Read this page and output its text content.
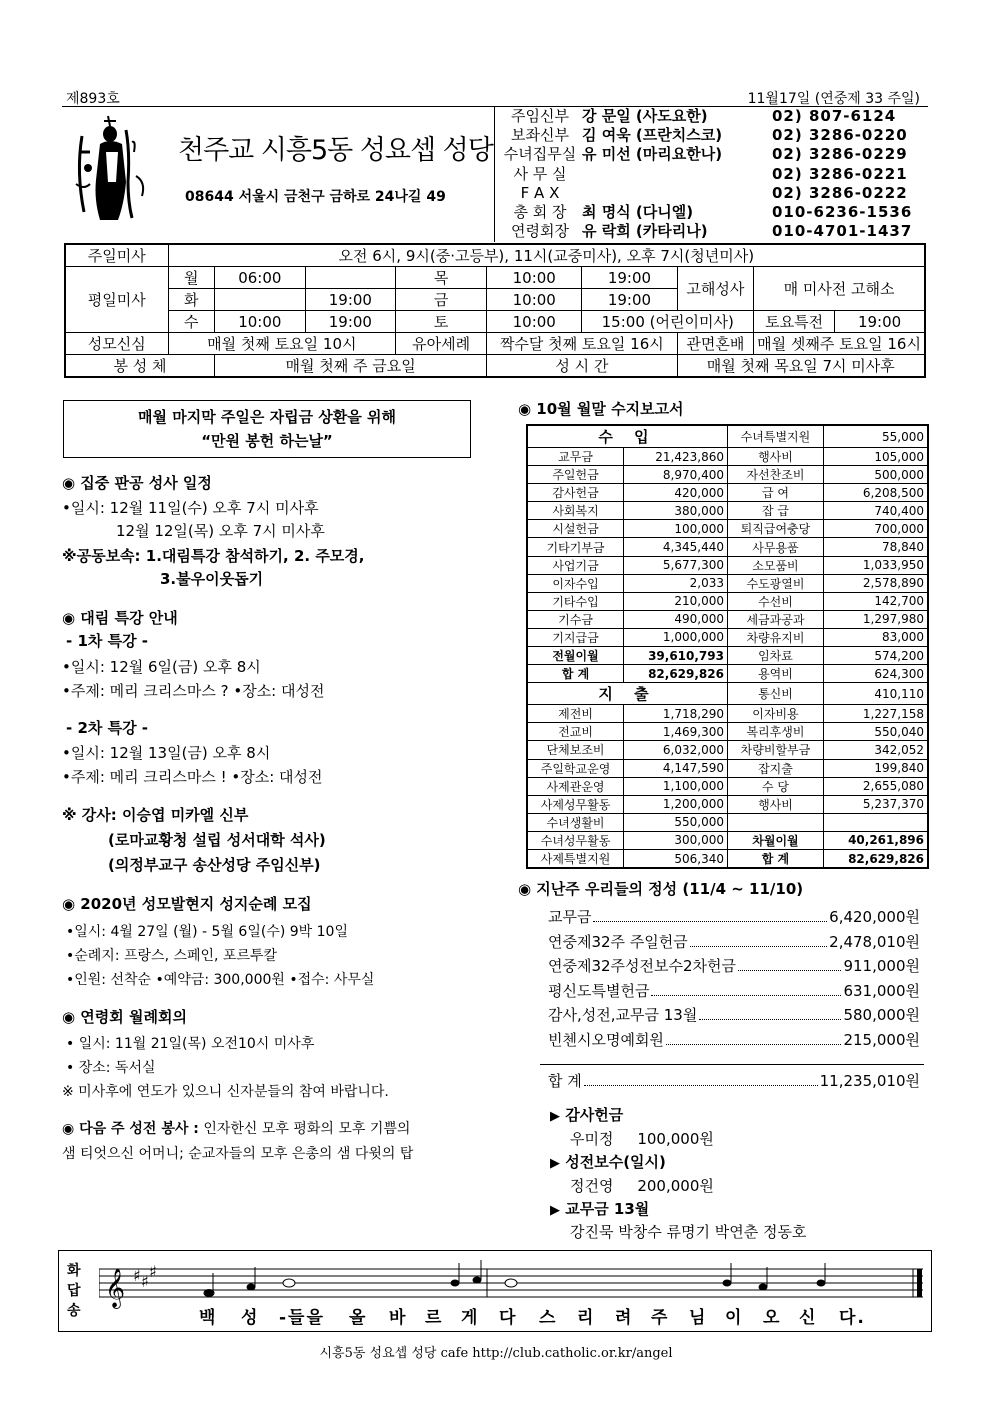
제893호	11월17일 (연중제 33 주일)
천주교 시흥5동 성요셉 성당
08644 서울시 금천구 금하로 24나길 49
주임신부 강 문일 (사도요한)	02) 807-6124
보좌신부 김 여욱 (프란치스코)	02) 3286-0220
수녀집무실 유 미선 (마리요한나)	02) 3286-0229
사 무 실	02) 3286-0221
F A X	02) 3286-0222
총 회 장	최 명식 (다니엘)	010-6236-1536
연령회장 유 락희 (카타리나)	010-4701-1437
주일미사	오전 6시, 9시(중·고등부), 11시(교중미사), 오후 7시(청년미사)								
평일미사	월	06:00		목	10:00	19:00	고해성사	매 미사전 고해소	
	화		19:00	금	10:00	19:00			
	수	10:00	19:00	토	10:00	15:00 (어린이미사)		토요특전	19:00
성모신심	매월 첫째 토요일 10시			유아세례	짝수달 첫째 토요일 16시		관면혼배	매월 셋째주 토요일 16시	
봉 성 체		매월 첫째 주 금요일			성 시 간		매월 첫째 목요일 7시 미사후		
매월 마지막 주일은 자립금 상환을 위해
“만원 봉헌 하는날”
◉ 집중 판공 성사 일정
•일시: 12월 11일(수) 오후 7시 미사후
12월 12일(목) 오후 7시 미사후
※공동보속: 1.대림특강 참석하기, 2. 주모경,
3.불우이웃돕기
◉ 대림 특강 안내
- 1차 특강 -
•일시: 12월 6일(금) 오후 8시
•주제: 메리 크리스마스 ? •장소: 대성전
- 2차 특강 -
•일시: 12월 13일(금) 오후 8시
•주제: 메리 크리스마스 ! •장소: 대성전
※ 강사: 이승엽 미카엘 신부
(로마교황청 설립 성서대학 석사)
(의정부교구 송산성당 주임신부)
◉ 2020년 성모발현지 성지순례 모집
•일시: 4월 27일 (월) - 5월 6일(수) 9박 10일
•순례지: 프랑스, 스페인, 포르투칼
•인원: 선착순 •예약금: 300,000원 •접수: 사무실
◉ 연령회 월례회의
• 일시: 11월 21일(목) 오전10시 미사후
• 장소: 독서실
※ 미사후에 연도가 있으니 신자분들의 참여 바랍니다.
◉ 다음 주 성전 봉사 : 인자한신 모후 평화의 모후 기쁨의
샘 티엇으신 어머니; 순교자들의 모후 은총의 샘 다윗의 탑
◉ 10월 월말 수지보고서
수 입		수녀특별지원	55,000
교무금	21,423,860	행사비	105,000
주일헌금	8,970,400	자선찬조비	500,000
감사헌금	420,000	급 여	6,208,500
사회복지	380,000	잡 급	740,400
시설헌금	100,000	퇴직급여충당	700,000
기타기부금	4,345,440	사무용품	78,840
사업기금	5,677,300	소모품비	1,033,950
이자수입	2,033	수도광열비	2,578,890
기타수입	210,000	수선비	142,700
기수금	490,000	세금과공과	1,297,980
기지급금	1,000,000	차량유지비	83,000
전월이월	39,610,793	임차료	574,200
합 계	82,629,826	용역비	624,300
지 출		통신비	410,110
제전비	1,718,290	이자비용	1,227,158
전교비	1,469,300	복리후생비	550,040
단체보조비	6,032,000	차량비할부금	342,052
주일학교운영	4,147,590	잡지출	199,840
사제관운영	1,100,000	수 당	2,655,080
사제성무활동	1,200,000	행사비	5,237,370
수녀생활비	550,000		
수녀성무활동	300,000	차월이월	40,261,896
사제특별지원	506,340	합 계	82,629,826
◉ 지난주 우리들의 정성 (11/4 ~ 11/10)
교무금	6,420,000원
연중제32주 주일헌금	2,478,010원
연중제32주성전보수2차헌금	911,000원
평신도특별헌금	631,000원
감사,성전,교무금 13월	580,000원
빈첸시오명예회원	215,000원
합 계	11,235,010원
▶ 감사헌금
우미정 100,000원
▶ 성전보수(일시)
정건영 200,000원
▶ 교무금 13월
강진묵 박창수 류명기 박연춘 정동호
화답송
𝄞 ♯ ♯
♯
백 성 -들을 올 바 르 게 다 스 리 려 주 님 이 오 신 다.
시흥5동 성요셉 성당 cafe http://club.catholic.or.kr/angel
